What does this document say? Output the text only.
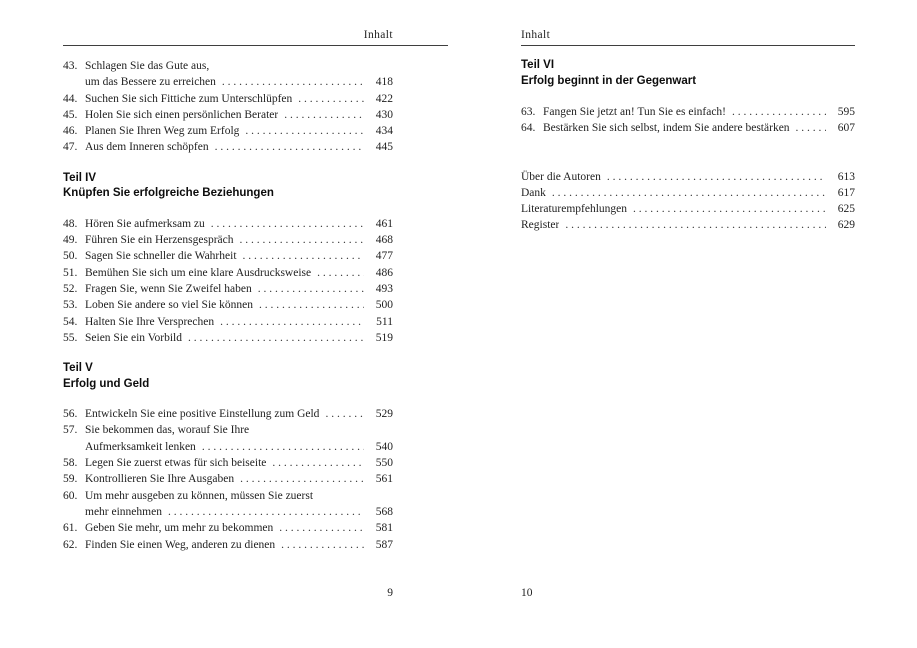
Inhalt
43. Schlagen Sie das Gute aus,
um das Bessere zu erreichen . . .	418
44. Suchen Sie sich Fittiche zum Unterschlüpfen . . .	422
45. Holen Sie sich einen persönlichen Berater . . .	430
46. Planen Sie Ihren Weg zum Erfolg . . .	434
47. Aus dem Inneren schöpfen . . .	445
Teil IV
Knüpfen Sie erfolgreiche Beziehungen
48. Hören Sie aufmerksam zu . . .	461
49. Führen Sie ein Herzensgespräch . . .	468
50. Sagen Sie schneller die Wahrheit . . .	477
51. Bemühen Sie sich um eine klare Ausdrucksweise . . .	486
52. Fragen Sie, wenn Sie Zweifel haben . . .	493
53. Loben Sie andere so viel Sie können . . .	500
54. Halten Sie Ihre Versprechen . . .	511
55. Seien Sie ein Vorbild . . .	519
Teil V
Erfolg und Geld
56. Entwickeln Sie eine positive Einstellung zum Geld . . .	529
57. Sie bekommen das, worauf Sie Ihre
Aufmerksamkeit lenken . . .	540
58. Legen Sie zuerst etwas für sich beiseite . . .	550
59. Kontrollieren Sie Ihre Ausgaben . . .	561
60. Um mehr ausgeben zu können, müssen Sie zuerst
mehr einnehmen . . .	568
61. Geben Sie mehr, um mehr zu bekommen . . .	581
62. Finden Sie einen Weg, anderen zu dienen . . .	587
9
Inhalt
Teil VI
Erfolg beginnt in der Gegenwart
63. Fangen Sie jetzt an! Tun Sie es einfach! . . .	595
64. Bestärken Sie sich selbst, indem Sie andere bestärken . . .	607
Über die Autoren . . .	613
Dank . . .	617
Literaturempfehlungen . . .	625
Register . . .	629
10
